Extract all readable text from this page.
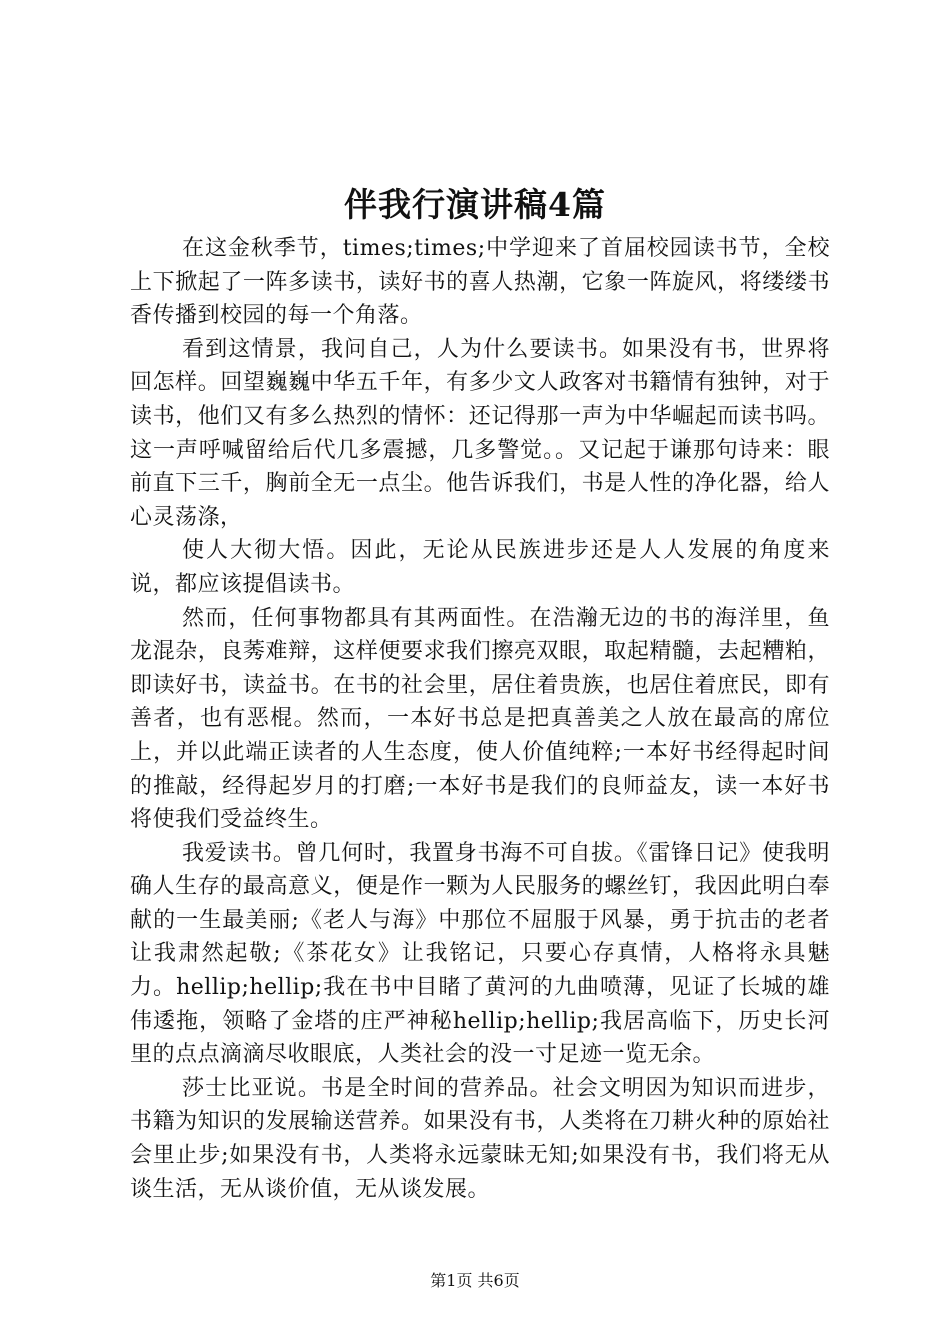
伴我行演讲稿4篇

在这金秋季节，times;times;中学迎来了首届校园读书节，全校上下掀起了一阵多读书，读好书的喜人热潮，它象一阵旋风，将缕缕书香传播到校园的每一个角落。

看到这情景，我问自己，人为什么要读书。如果没有书，世界将回怎样。回望巍巍中华五千年，有多少文人政客对书籍情有独钟，对于读书，他们又有多么热烈的情怀：还记得那一声为中华崛起而读书吗。这一声呼喊留给后代几多震撼，几多警觉。。又记起于谦那句诗来：眼前直下三千，胸前全无一点尘。他告诉我们，书是人性的净化器，给人心灵荡涤，

使人大彻大悟。因此，无论从民族进步还是人人发展的角度来说，都应该提倡读书。

然而，任何事物都具有其两面性。在浩瀚无边的书的海洋里，鱼龙混杂，良莠难辩，这样便要求我们擦亮双眼，取起精髓，去起糟粕，即读好书，读益书。在书的社会里，居住着贵族，也居住着庶民，即有善者，也有恶棍。然而，一本好书总是把真善美之人放在最高的席位上，并以此端正读者的人生态度，使人价值纯粹;一本好书经得起时间的推敲，经得起岁月的打磨;一本好书是我们的良师益友，读一本好书将使我们受益终生。

我爱读书。曾几何时，我置身书海不可自拔。《雷锋日记》使我明确人生存的最高意义，便是作一颗为人民服务的螺丝钉，我因此明白奉献的一生最美丽;《老人与海》中那位不屈服于风暴，勇于抗击的老者让我肃然起敬;《茶花女》让我铭记，只要心存真情，人格将永具魅力。hellip;hellip;我在书中目睹了黄河的九曲喷薄，见证了长城的雄伟逶拖，领略了金塔的庄严神秘hellip;hellip;我居高临下，历史长河里的点点滴滴尽收眼底，人类社会的没一寸足迹一览无余。

莎士比亚说。书是全时间的营养品。社会文明因为知识而进步，书籍为知识的发展输送营养。如果没有书，人类将在刀耕火种的原始社会里止步;如果没有书，人类将永远蒙昧无知;如果没有书，我们将无从谈生活，无从谈价值，无从谈发展。

第1页 共6页
